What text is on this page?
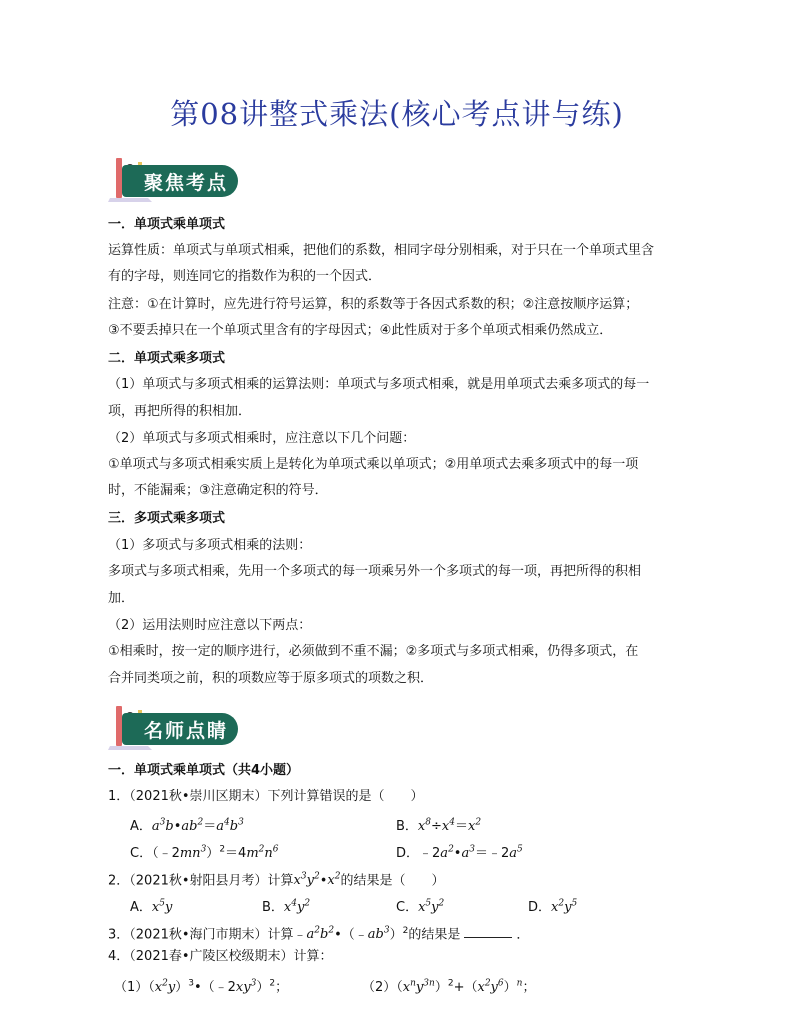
第08讲整式乘法(核心考点讲与练)
聚焦考点
一．单项式乘单项式
运算性质：单项式与单项式相乘，把他们的系数，相同字母分别相乘，对于只在一个单项式里含
有的字母，则连同它的指数作为积的一个因式．
注意：①在计算时，应先进行符号运算，积的系数等于各因式系数的积；②注意按顺序运算；
③不要丢掉只在一个单项式里含有的字母因式；④此性质对于多个单项式相乘仍然成立．
二．单项式乘多项式
（1）单项式与多项式相乘的运算法则：单项式与多项式相乘，就是用单项式去乘多项式的每一
项，再把所得的积相加．
（2）单项式与多项式相乘时，应注意以下几个问题：
①单项式与多项式相乘实质上是转化为单项式乘以单项式；②用单项式去乘多项式中的每一项
时，不能漏乘；③注意确定积的符号．
三．多项式乘多项式
（1）多项式与多项式相乘的法则：
多项式与多项式相乘，先用一个多项式的每一项乘另外一个多项式的每一项，再把所得的积相
加．
（2）运用法则时应注意以下两点：
①相乘时，按一定的顺序进行，必须做到不重不漏；②多项式与多项式相乘，仍得多项式，在
合并同类项之前，积的项数应等于原多项式的项数之积．
名师点睛
一．单项式乘单项式（共4小题）
1．（2021秋•崇川区期末）下列计算错误的是（　　）
A．$a^3b•ab^2=a^4b^3$	B．$x^8\div x^4=x^2$
C．$(﹣2mn^3)^2=4m^2n^6$	D．$﹣2a^2•a^3=﹣2a^5$
2．（2021秋•射阳县月考）计算$x^3y^2•x^2$的结果是（　　）
A．$x^5y$	B．$x^4y^2$	C．$x^5y^2$	D．$x^2y^5$
3．（2021秋•海门市期末）计算$﹣a^2b^2•(﹣ab^3)^2$的结果是	．
4．（2021春•广陵区校级期末）计算：
$(1)(x^2y)^3•(﹣2xy^3)^2$；	$(2)(x^ny^{3n})^2+(x^2y^6)^n$；
